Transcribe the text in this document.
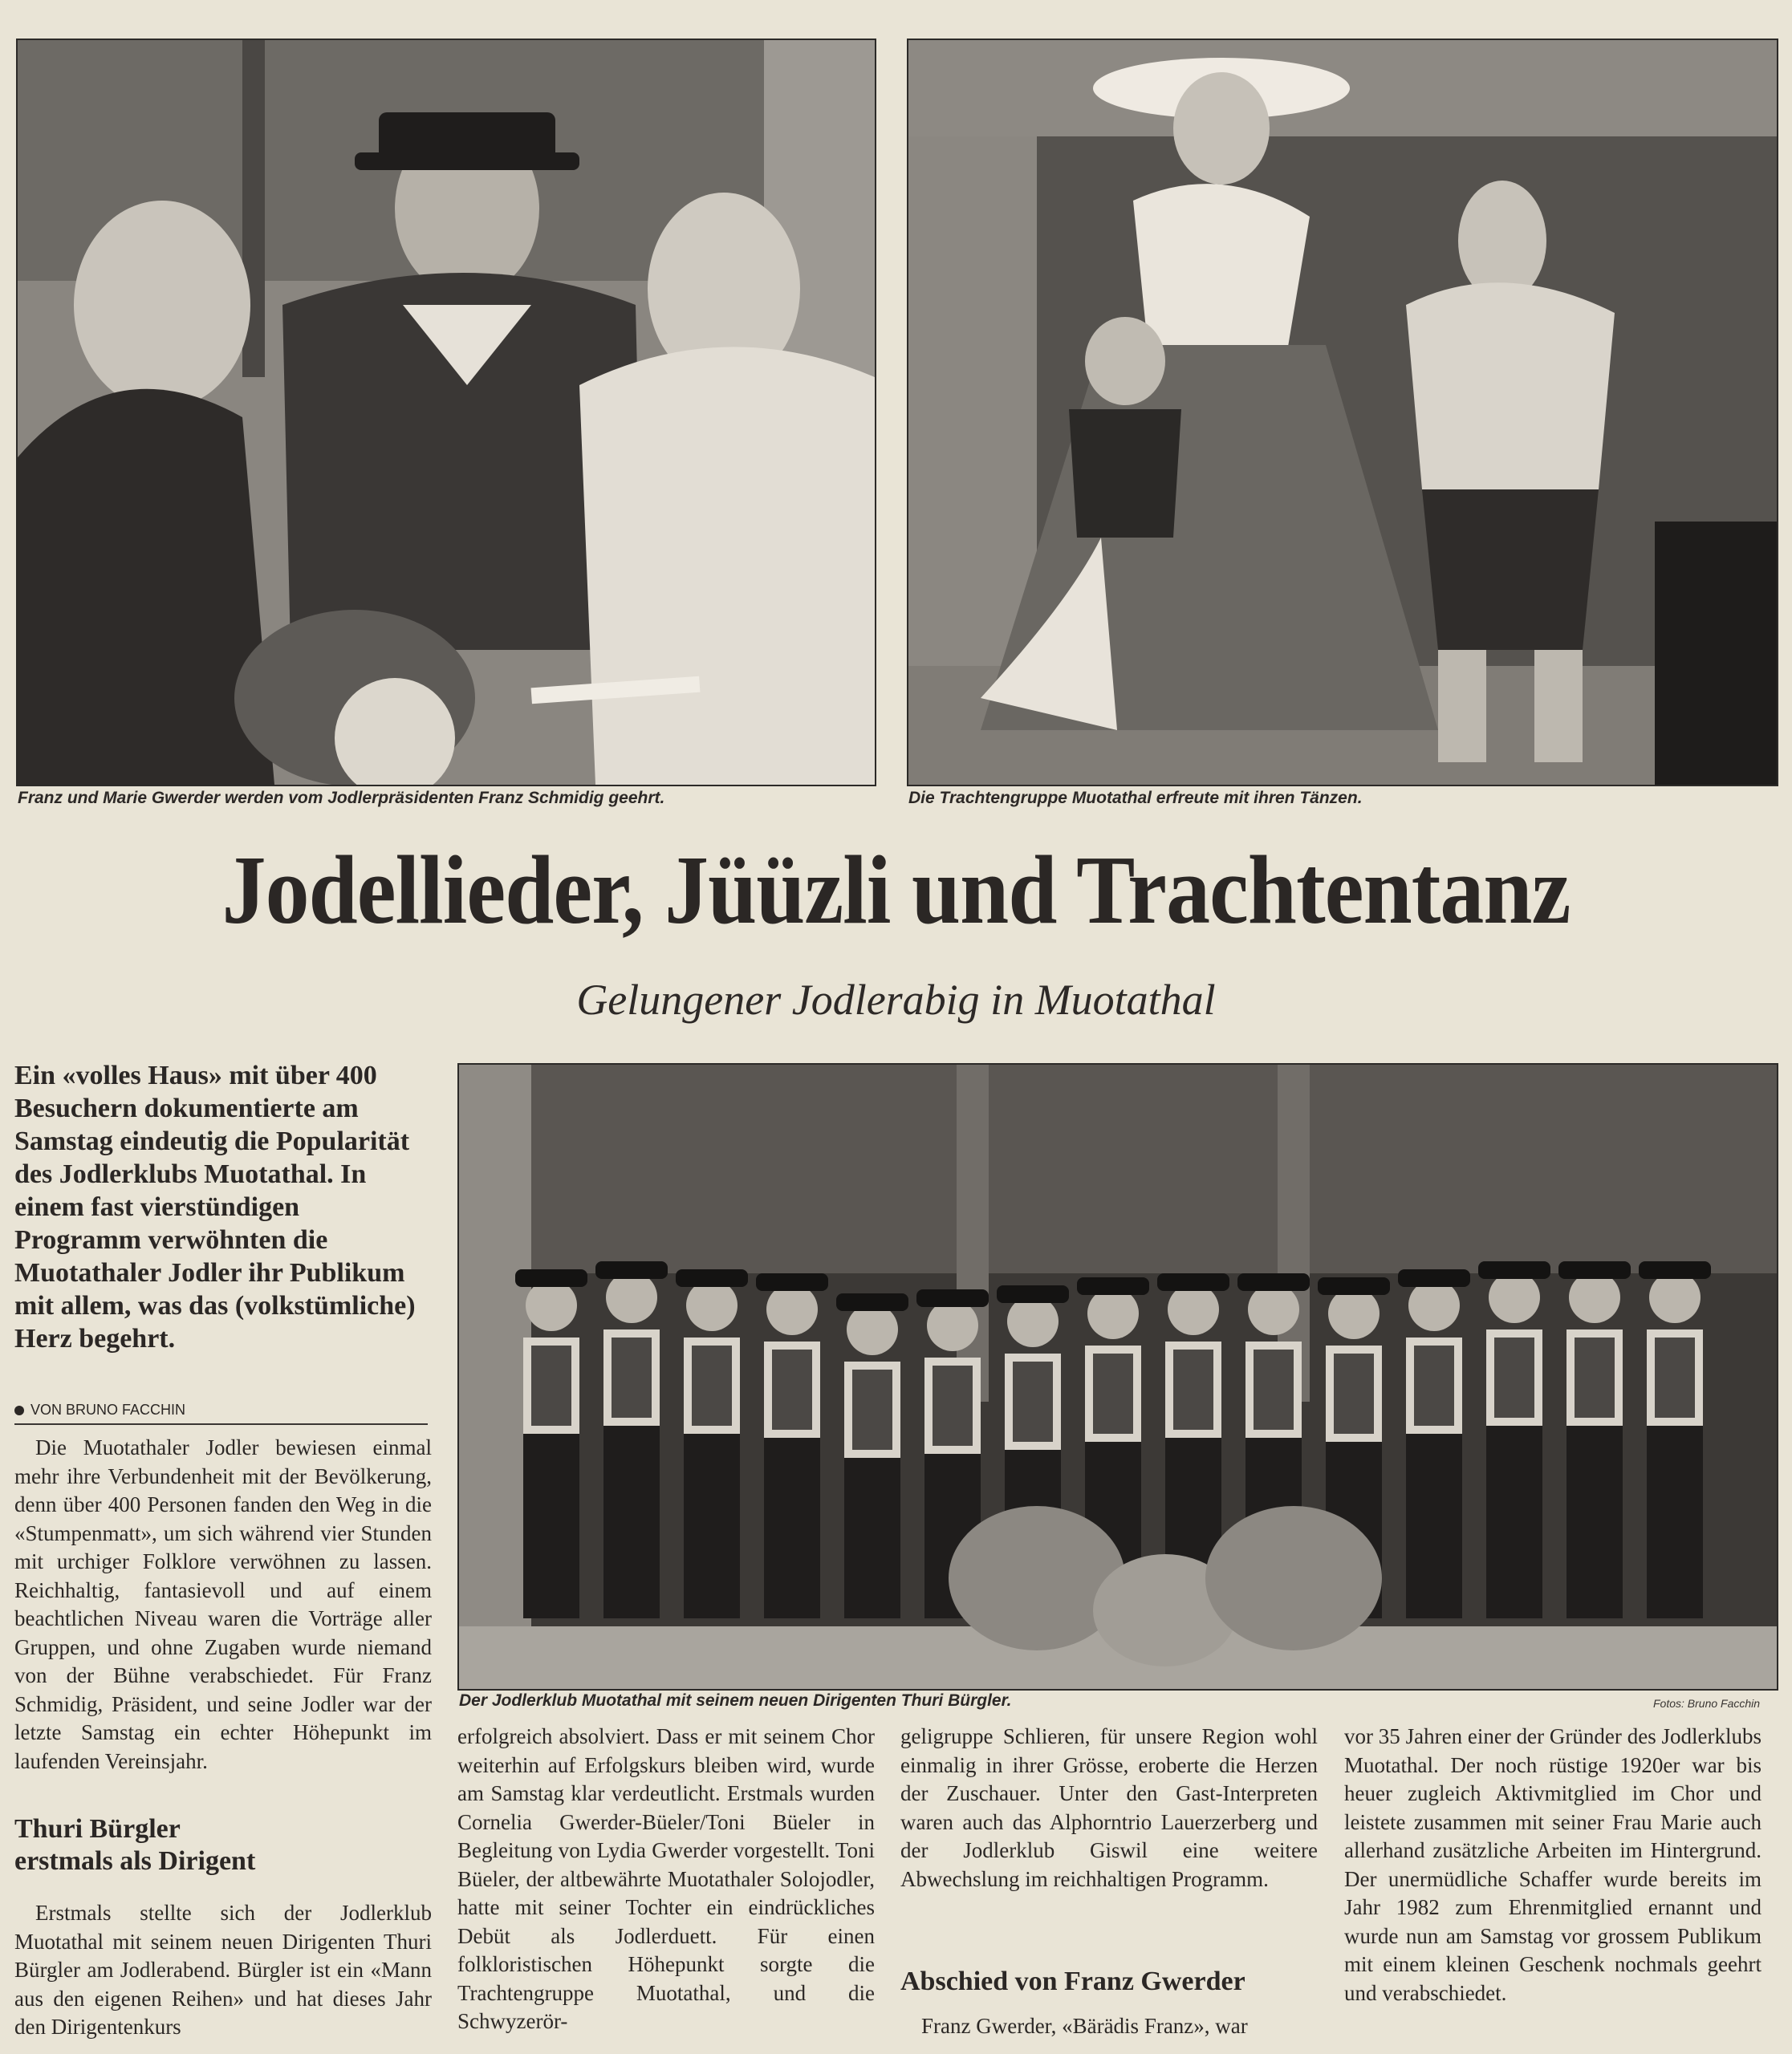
Franz und Marie Gwerder werden vom Jodlerpräsidenten Franz Schmidig geehrt.	Die Trachtengruppe Muotathal erfreute mit ihren Tänzen.
Jodellieder, Jüüzli und Trachtentanz
Gelungener Jodlerabig in Muotathal
Ein «volles Haus» mit über 400 Besuchern dokumentierte am Samstag eindeutig die Popularität des Jodlerklubs Muotathal. In einem fast vierstündigen Programm verwöhnten die Muotathaler Jodler ihr Publikum mit allem, was das (volkstümliche) Herz begehrt.
VON BRUNO FACCHIN
Der Jodlerklub Muotathal mit seinem neuen Dirigenten Thuri Bürgler.	Fotos: Bruno Facchin

Die Muotathaler Jodler bewiesen einmal mehr ihre Verbundenheit mit der Bevölkerung, denn über 400 Personen fanden den Weg in die «Stumpenmatt», um sich während vier Stunden mit urchiger Folklore verwöhnen zu lassen. Reichhaltig, fantasievoll und auf einem beachtlichen Niveau waren die Vorträge aller Gruppen, und ohne Zugaben wurde niemand von der Bühne verabschiedet. Für Franz Schmidig, Präsident, und seine Jodler war der letzte Samstag ein echter Höhepunkt im laufenden Vereinsjahr.

Thuri Bürgler erstmals als Dirigent

Erstmals stellte sich der Jodlerklub Muotathal mit seinem neuen Dirigenten Thuri Bürgler am Jodlerabend. Bürgler ist ein «Mann aus den eigenen Reihen» und hat dieses Jahr den Dirigentenkurs

erfolgreich absolviert. Dass er mit seinem Chor weiterhin auf Erfolgskurs bleiben wird, wurde am Samstag klar verdeutlicht. Erstmals wurden Cornelia Gwerder-Büeler/Toni Büeler in Begleitung von Lydia Gwerder vorgestellt. Toni Büeler, der altbewährte Muotathaler Solojodler, hatte mit seiner Tochter ein eindrückliches Debüt als Jodlerduett. Für einen folkloristischen Höhepunkt sorgte die Trachtengruppe Muotathal, und die Schwyzerör-

geligruppe Schlieren, für unsere Region wohl einmalig in ihrer Grösse, eroberte die Herzen der Zuschauer. Unter den Gast-Interpreten waren auch das Alphorntrio Lauerzerberg und der Jodlerklub Giswil eine weitere Abwechslung im reichhaltigen Programm.

Abschied von Franz Gwerder

Franz Gwerder, «Bärädis Franz», war

vor 35 Jahren einer der Gründer des Jodlerklubs Muotathal. Der noch rüstige 1920er war bis heuer zugleich Aktivmitglied im Chor und leistete zusammen mit seiner Frau Marie auch allerhand zusätzliche Arbeiten im Hintergrund. Der unermüdliche Schaffer wurde bereits im Jahr 1982 zum Ehrenmitglied ernannt und wurde nun am Samstag vor grossem Publikum mit einem kleinen Geschenk nochmals geehrt und verabschiedet.
